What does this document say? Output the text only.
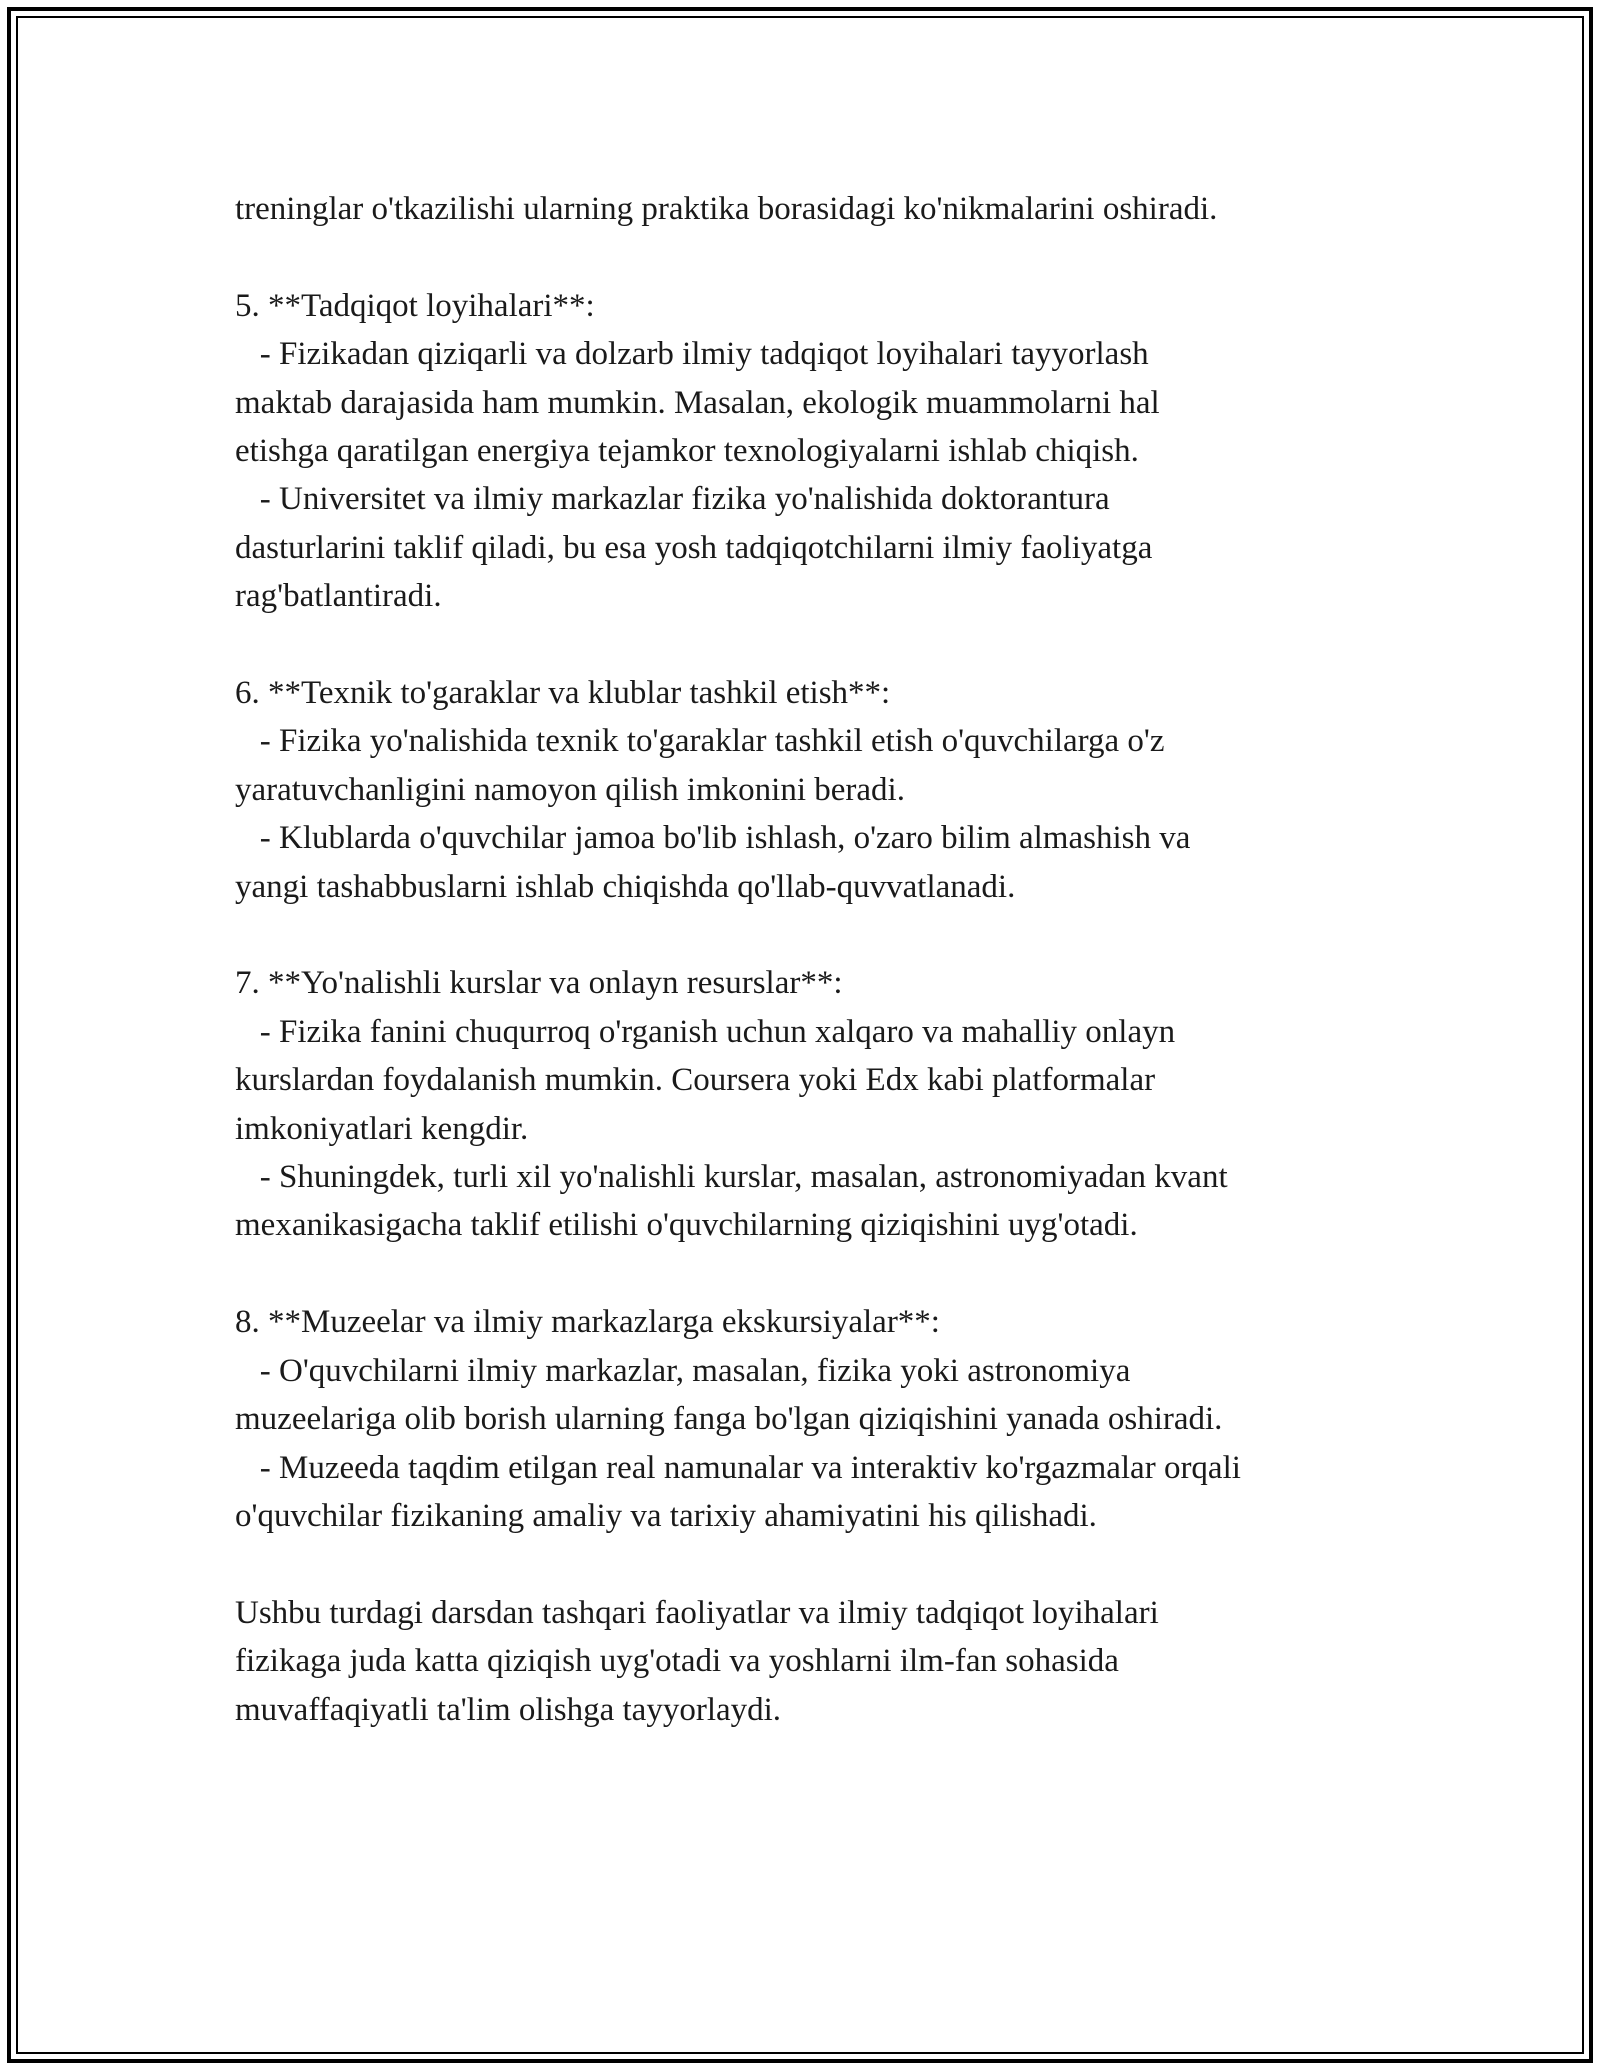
treninglar o'tkazilishi ularning praktika borasidagi ko'nikmalarini oshiradi.
5. **Tadqiqot loyihalari**:
- Fizikadan qiziqarli va dolzarb ilmiy tadqiqot loyihalari tayyorlash
maktab darajasida ham mumkin. Masalan, ekologik muammolarni hal
etishga qaratilgan energiya tejamkor texnologiyalarni ishlab chiqish.
- Universitet va ilmiy markazlar fizika yo'nalishida doktorantura
dasturlarini taklif qiladi, bu esa yosh tadqiqotchilarni ilmiy faoliyatga
rag'batlantiradi.
6. **Texnik to'garaklar va klublar tashkil etish**:
- Fizika yo'nalishida texnik to'garaklar tashkil etish o'quvchilarga o'z
yaratuvchanligini namoyon qilish imkonini beradi.
- Klublarda o'quvchilar jamoa bo'lib ishlash, o'zaro bilim almashish va
yangi tashabbuslarni ishlab chiqishda qo'llab-quvvatlanadi.
7. **Yo'nalishli kurslar va onlayn resurslar**:
- Fizika fanini chuqurroq o'rganish uchun xalqaro va mahalliy onlayn
kurslardan foydalanish mumkin. Coursera yoki Edx kabi platformalar
imkoniyatlari kengdir.
- Shuningdek, turli xil yo'nalishli kurslar, masalan, astronomiyadan kvant
mexanikasigacha taklif etilishi o'quvchilarning qiziqishini uyg'otadi.
8. **Muzeelar va ilmiy markazlarga ekskursiyalar**:
- O'quvchilarni ilmiy markazlar, masalan, fizika yoki astronomiya
muzeelariga olib borish ularning fanga bo'lgan qiziqishini yanada oshiradi.
- Muzeeda taqdim etilgan real namunalar va interaktiv ko'rgazmalar orqali
o'quvchilar fizikaning amaliy va tarixiy ahamiyatini his qilishadi.
Ushbu turdagi darsdan tashqari faoliyatlar va ilmiy tadqiqot loyihalari
fizikaga juda katta qiziqish uyg'otadi va yoshlarni ilm-fan sohasida
muvaffaqiyatli ta'lim olishga tayyorlaydi.
